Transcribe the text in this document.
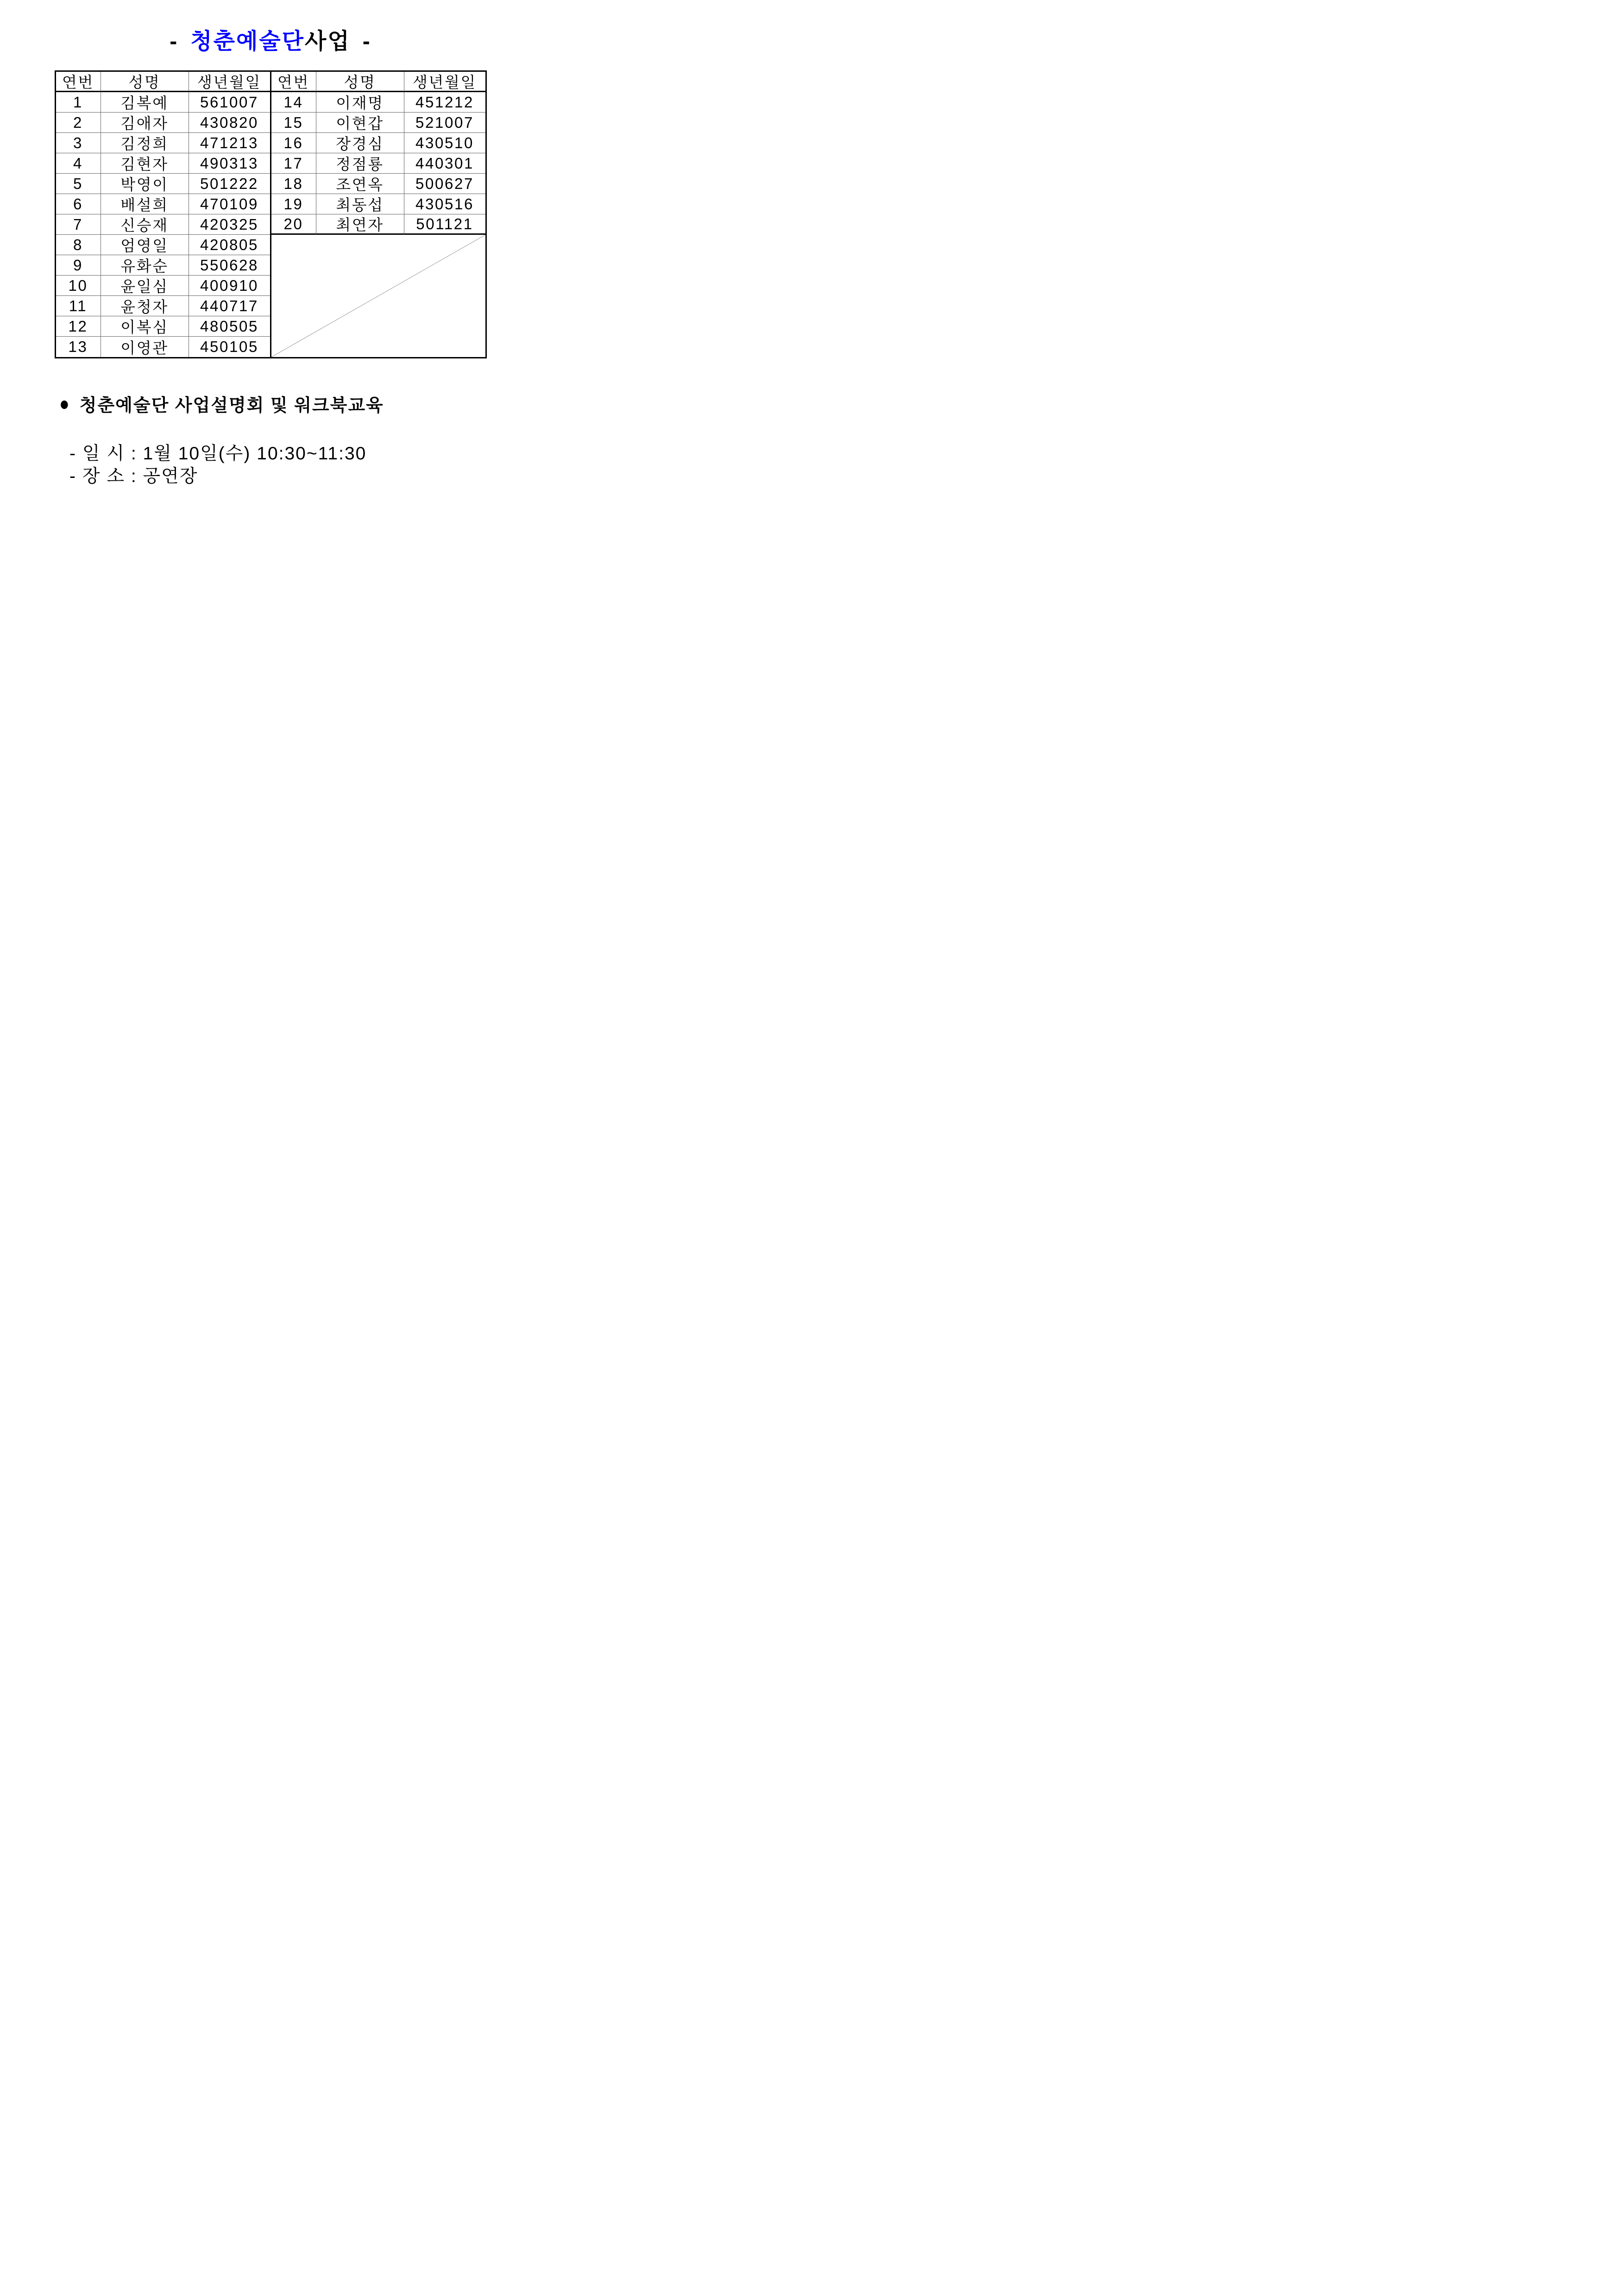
- 청춘예술단사업 -
연번	성명	생년월일
1	김복예	561007
2	김애자	430820
3	김정희	471213
4	김현자	490313
5	박영이	501222
6	배설희	470109
7	신승재	420325
8	엄영일	420805
9	유화순	550628
10	윤일심	400910
11	윤청자	440717
12	이복심	480505
13	이영관	450105
연번	성명	생년월일
14	이재명	451212
15	이현갑	521007
16	장경심	430510
17	정점룡	440301
18	조연옥	500627
19	최동섭	430516
20	최연자	501121
● 청춘예술단 사업설명회 및 워크북교육
- 일 시 : 1월 10일(수) 10:30~11:30
- 장 소 : 공연장
